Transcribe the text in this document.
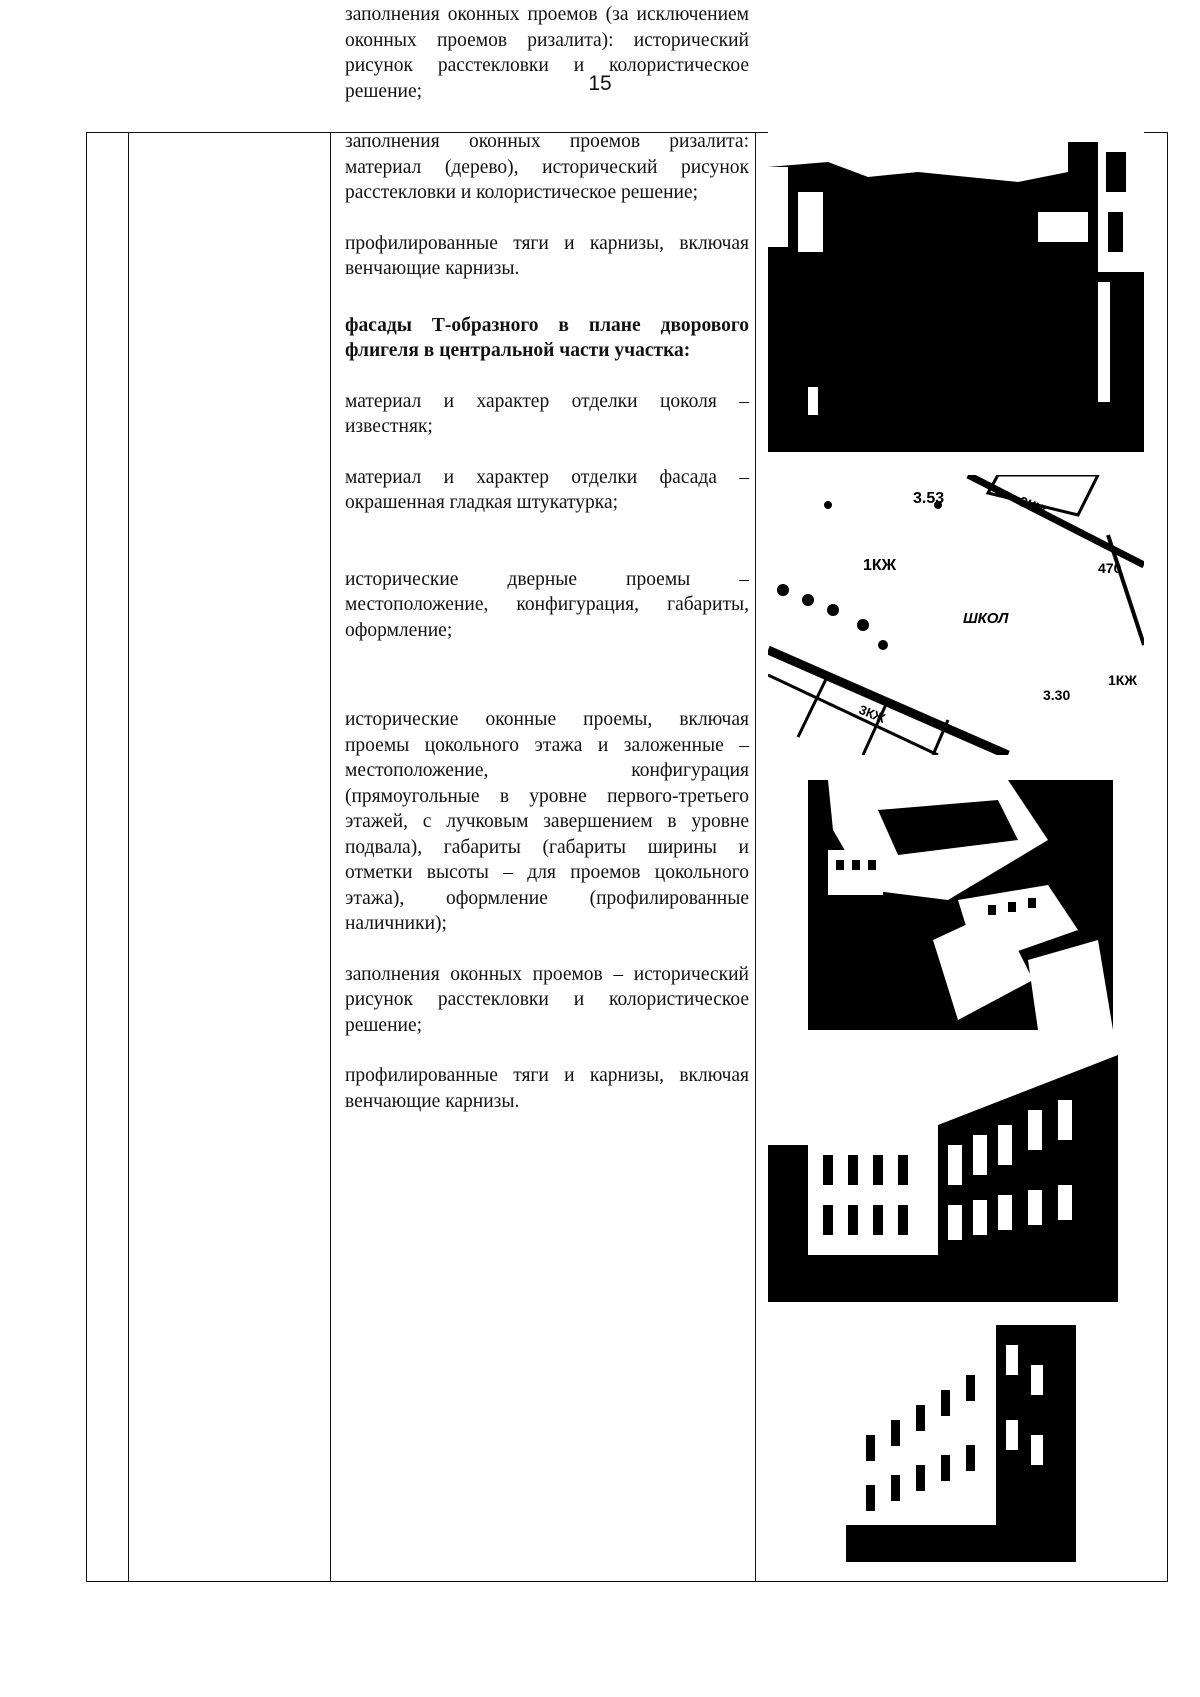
15

заполнения оконных проемов (за исключением оконных проемов ризалита): исторический рисунок расстекловки и колористическое решение;

заполнения оконных проемов ризалита: материал (дерево), исторический рисунок расстекловки и колористическое решение;

профилированные тяги и карнизы, включая венчающие карнизы.

фасады Т-образного в плане дворового флигеля в центральной части участка:

материал и характер отделки цоколя – известняк;

материал и характер отделки фасада – окрашенная гладкая штукатурка;

исторические дверные проемы – местоположение, конфигурация, габариты, оформление;

исторические оконные проемы, включая проемы цокольного этажа и заложенные – местоположение, конфигурация (прямоугольные в уровне первого-третьего этажей, с лучковым завершением в уровне подвала), габариты (габариты ширины и отметки высоты – для проемов цокольного этажа), оформление (профилированные наличники);

заполнения оконных проемов – исторический рисунок расстекловки и колористическое решение;

профилированные тяги и карнизы, включая венчающие карнизы.

3.53	3КЖ
470
1КЖ
ШКОЛ
3.30
3КЖ
1КЖ
